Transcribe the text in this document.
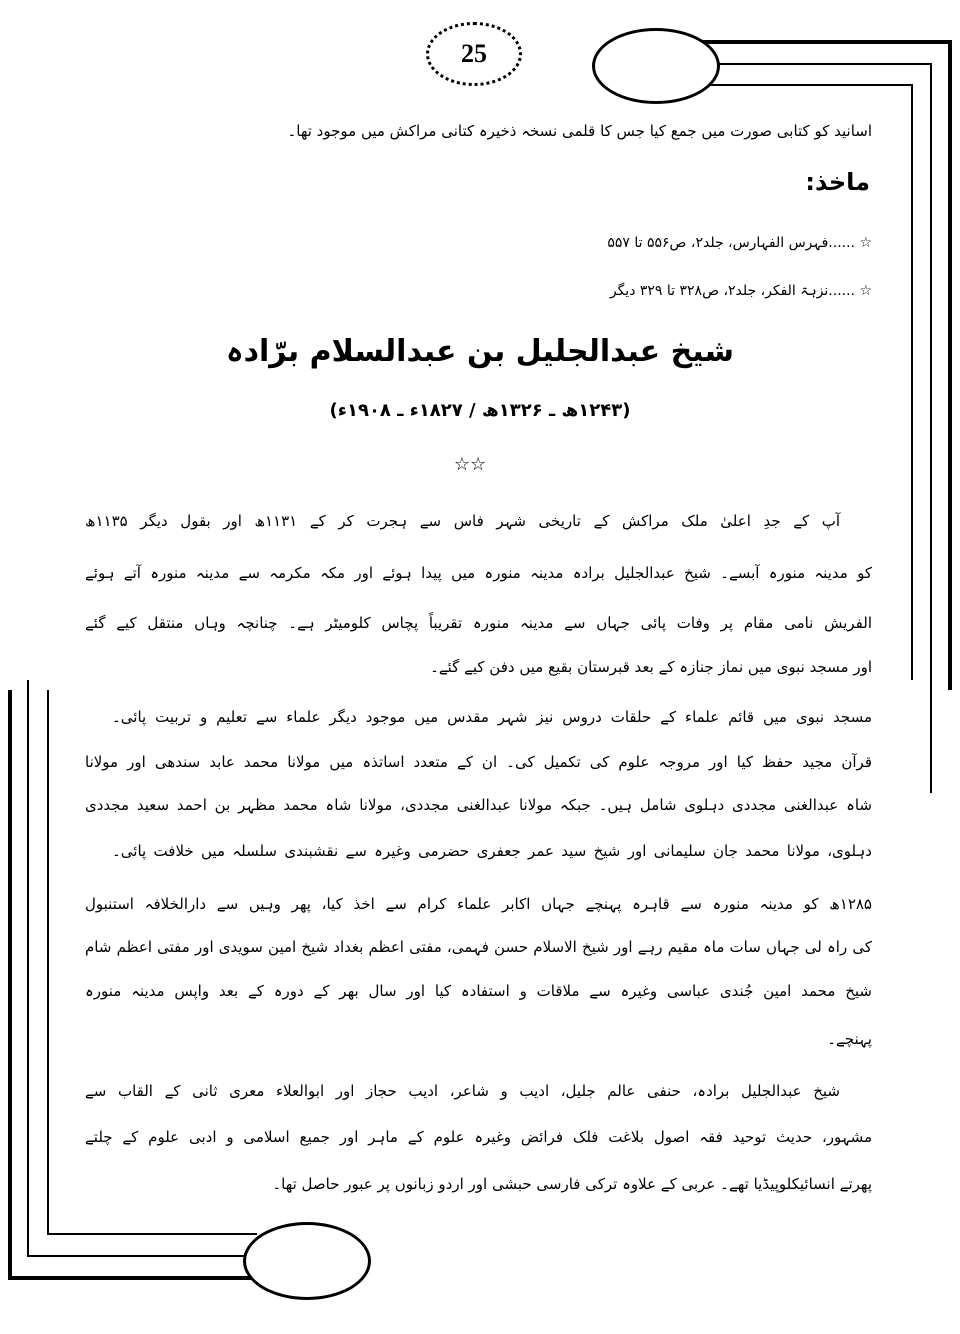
25
اسانید کو کتابی صورت میں جمع کیا جس کا قلمی نسخہ ذخیرہ کتانی مراکش میں موجود تھا۔
ماخذ:
☆ ......فہرس الفہارس، جلد۲، ص۵۵۶ تا ۵۵۷
☆ ......نزہۃ الفکر، جلد۲، ص۳۲۸ تا ۳۲۹ دیگر
شیخ عبدالجلیل بن عبدالسلام برّادہ
(۱۲۴۳ھ ـ ۱۳۲۶ھ / ۱۸۲۷ء ـ ۱۹۰۸ء)
☆☆
آپ کے جدِ اعلیٰ ملک مراکش کے تاریخی شہر فاس سے ہجرت کر کے ۱۱۳۱ھ اور بقول دیگر ۱۱۳۵ھ
کو مدینہ منورہ آبسے۔ شیخ عبدالجلیل برادہ مدینہ منورہ میں پیدا ہوئے اور مکہ مکرمہ سے مدینہ منورہ آتے ہوئے
الفریش نامی مقام پر وفات پائی جہاں سے مدینہ منورہ تقریباً پچاس کلومیٹر ہے۔ چنانچہ وہاں منتقل کیے گئے
اور مسجد نبوی میں نماز جنازہ کے بعد قبرستان بقیع میں دفن کیے گئے۔
مسجد نبوی میں قائم علماء کے حلقات دروس نیز شہر مقدس میں موجود دیگر علماء سے تعلیم و تربیت پائی۔
قرآن مجید حفظ کیا اور مروجہ علوم کی تکمیل کی۔ ان کے متعدد اساتذہ میں مولانا محمد عابد سندھی اور مولانا
شاہ عبدالغنی مجددی دہلوی شامل ہیں۔ جبکہ مولانا عبدالغنی مجددی، مولانا شاہ محمد مظہر بن احمد سعید مجددی
دہلوی، مولانا محمد جان سلیمانی اور شیخ سید عمر جعفری حضرمی وغیرہ سے نقشبندی سلسلہ میں خلافت پائی۔
۱۲۸۵ھ کو مدینہ منورہ سے قاہرہ پہنچے جہاں اکابر علماء کرام سے اخذ کیا، پھر وہیں سے دارالخلافہ استنبول
کی راہ لی جہاں سات ماہ مقیم رہے اور شیخ الاسلام حسن فہمی، مفتی اعظم بغداد شیخ امین سویدی اور مفتی اعظم شام
شیخ محمد امین جُندی عباسی وغیرہ سے ملاقات و استفادہ کیا اور سال بھر کے دورہ کے بعد واپس مدینہ منورہ
پہنچے۔
شیخ عبدالجلیل برادہ، حنفی عالم جلیل، ادیب و شاعر، ادیب حجاز اور ابوالعلاء معری ثانی کے القاب سے
مشہور، حدیث توحید فقہ اصول بلاغت فلک فرائض وغیرہ علوم کے ماہر اور جمیع اسلامی و ادبی علوم کے چلتے
پھرتے انسائیکلوپیڈیا تھے۔ عربی کے علاوہ ترکی فارسی حبشی اور اردو زبانوں پر عبور حاصل تھا۔
